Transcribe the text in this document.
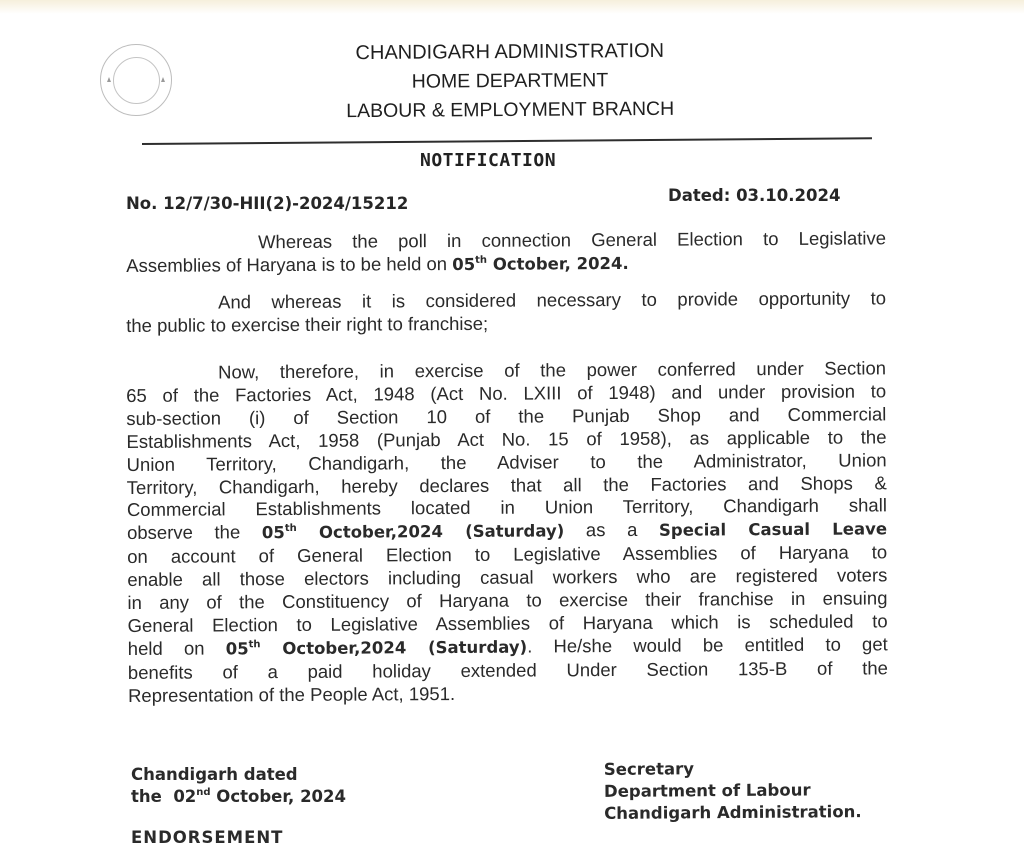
CHANDIGARH ADMINISTRATION
HOME DEPARTMENT
LABOUR & EMPLOYMENT BRANCH
NOTIFICATION
No. 12/7/30-HII(2)-2024/15212	Dated: 03.10.2024
Whereas the poll in connection General Election to Legislative
Assemblies of Haryana is to be held on 05th October, 2024.
And whereas it is considered necessary to provide opportunity to
the public to exercise their right to franchise;
Now, therefore, in exercise of the power conferred under Section
65 of the Factories Act, 1948 (Act No. LXIII of 1948) and under provision to
sub-section (i) of Section 10 of the Punjab Shop and Commercial
Establishments Act, 1958 (Punjab Act No. 15 of 1958), as applicable to the
Union Territory, Chandigarh, the Adviser to the Administrator, Union
Territory, Chandigarh, hereby declares that all the Factories and Shops &
Commercial Establishments located in Union Territory, Chandigarh shall
observe the 05th October,2024 (Saturday) as a Special Casual Leave
on account of General Election to Legislative Assemblies of Haryana to
enable all those electors including casual workers who are registered voters
in any of the Constituency of Haryana to exercise their franchise in ensuing
General Election to Legislative Assemblies of Haryana which is scheduled to
held on 05th October,2024 (Saturday). He/she would be entitled to get
benefits of a paid holiday extended Under Section 135-B of the
Representation of the People Act, 1951.
Chandigarh dated
the  02nd October, 2024
Secretary
Department of Labour
Chandigarh Administration.
ENDORSEMENT
